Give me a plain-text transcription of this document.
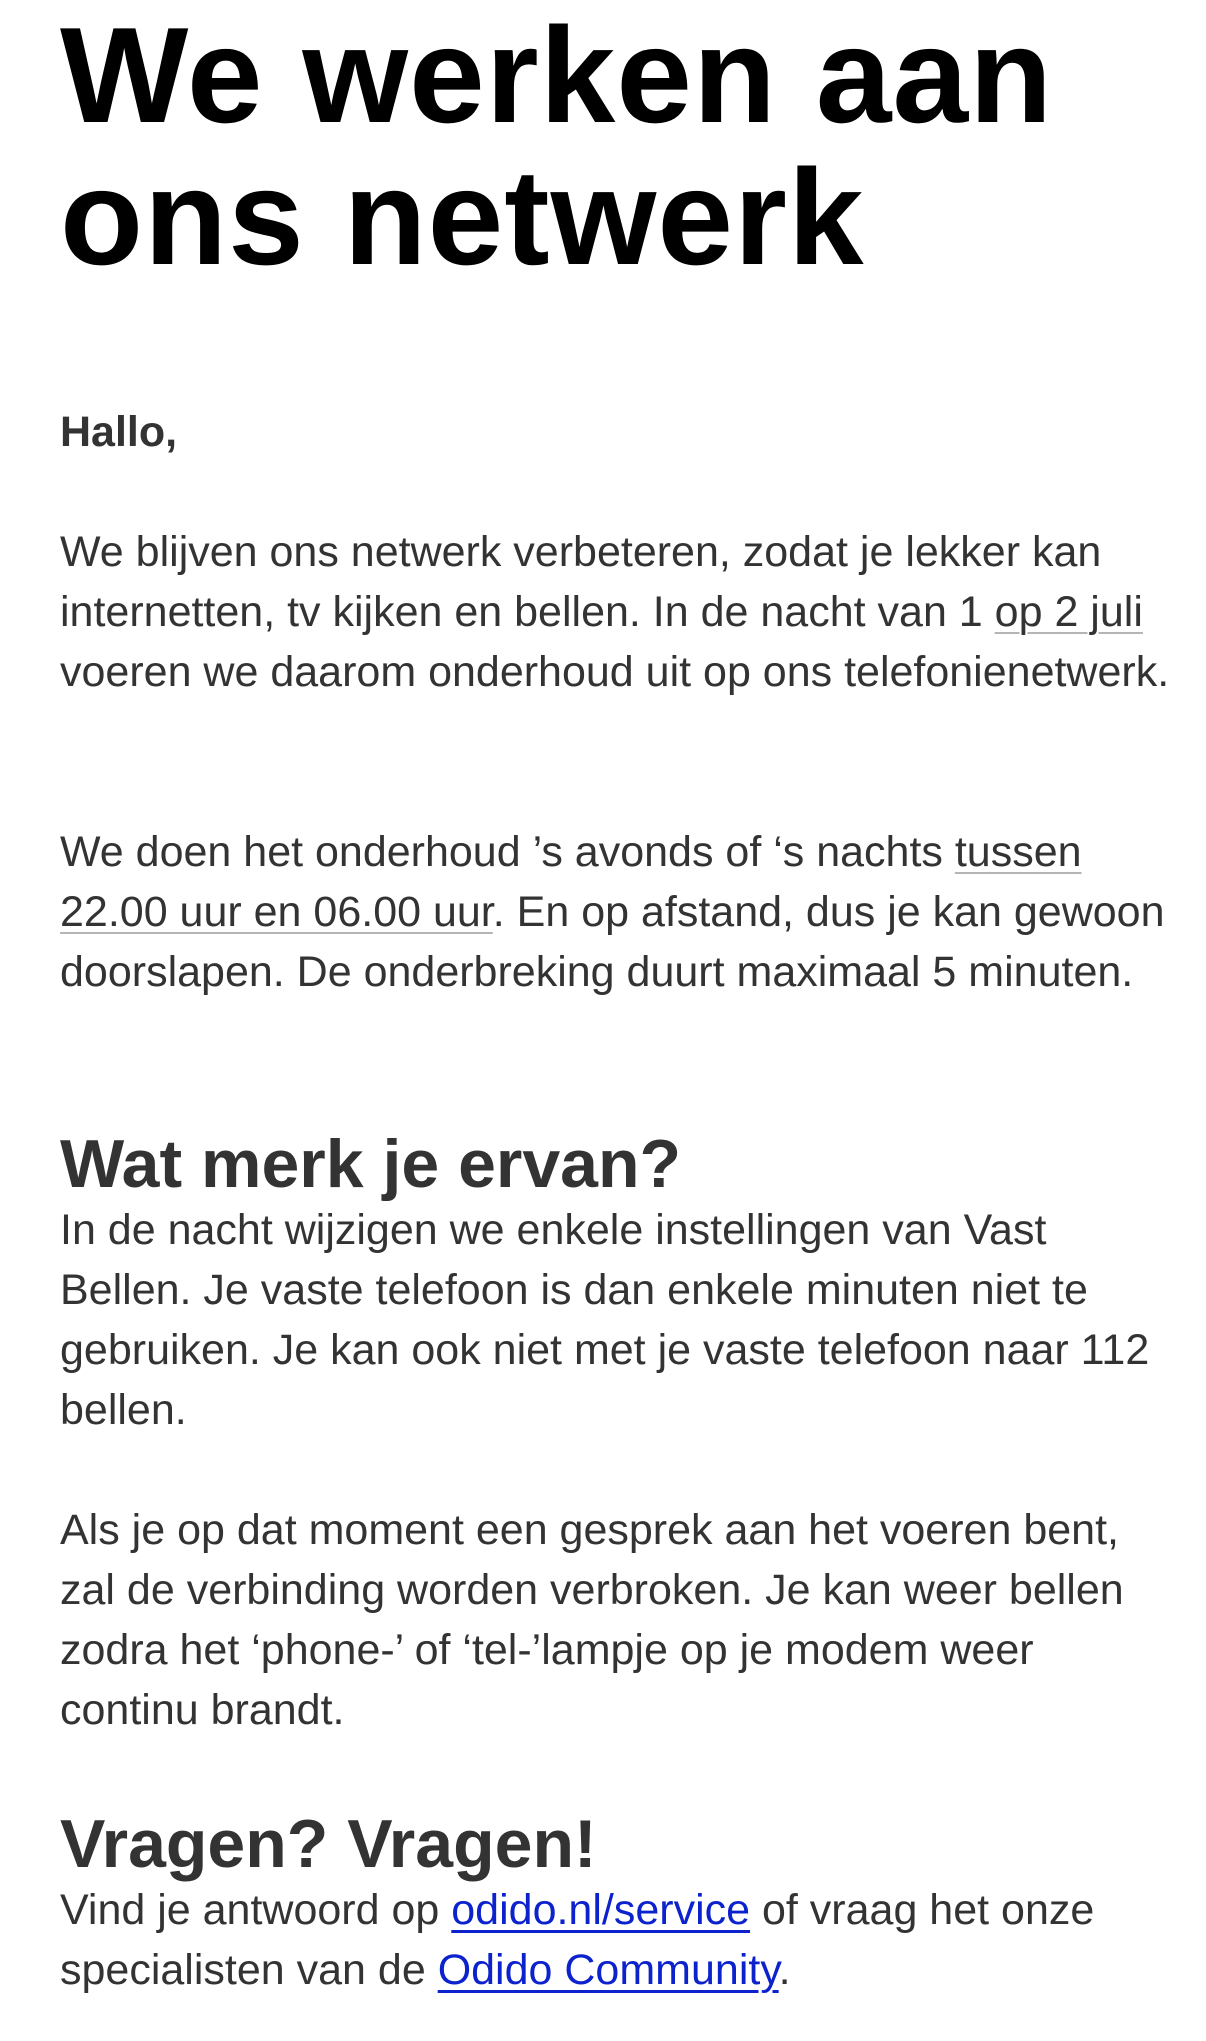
We werken aan
ons netwerk

Hallo,

We blijven ons netwerk verbeteren, zodat je lekker kan internetten, tv kijken en bellen. In de nacht van 1 op 2 juli voeren we daarom onderhoud uit op ons telefonienetwerk.

We doen het onderhoud ’s avonds of ‘s nachts tussen 22.00 uur en 06.00 uur. En op afstand, dus je kan gewoon doorslapen. De onderbreking duurt maximaal 5 minuten.

Wat merk je ervan?

In de nacht wijzigen we enkele instellingen van Vast Bellen. Je vaste telefoon is dan enkele minuten niet te gebruiken. Je kan ook niet met je vaste telefoon naar 112 bellen.

Als je op dat moment een gesprek aan het voeren bent, zal de verbinding worden verbroken. Je kan weer bellen zodra het ‘phone-’ of ‘tel-’lampje op je modem weer continu brandt.

Vragen? Vragen!

Vind je antwoord op odido.nl/service of vraag het onze specialisten van de Odido Community.
